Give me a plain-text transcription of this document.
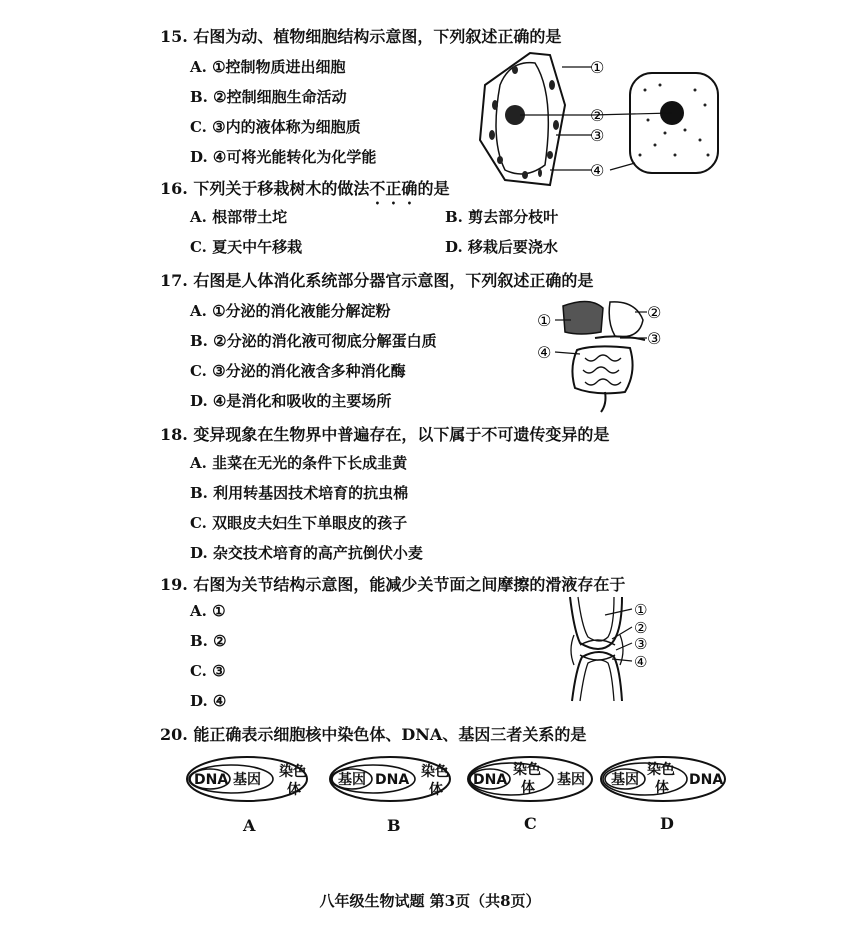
15. 右图为动、植物细胞结构示意图，下列叙述正确的是
A. ①控制物质进出细胞
B. ②控制细胞生命活动
C. ③内的液体称为细胞质
D. ④可将光能转化为化学能
①
②
③
④
16. 下列关于移栽树木的做法不正确的是
A. 根部带土坨	B. 剪去部分枝叶
C. 夏天中午移栽	D. 移栽后要浇水
17. 右图是人体消化系统部分器官示意图，下列叙述正确的是
A. ①分泌的消化液能分解淀粉
B. ②分泌的消化液可彻底分解蛋白质
C. ③分泌的消化液含多种消化酶
D. ④是消化和吸收的主要场所
①	②
③
④
18. 变异现象在生物界中普遍存在，以下属于不可遗传变异的是
A. 韭菜在无光的条件下长成韭黄
B. 利用转基因技术培育的抗虫棉
C. 双眼皮夫妇生下单眼皮的孩子
D. 杂交技术培育的高产抗倒伏小麦
19. 右图为关节结构示意图，能减少关节面之间摩擦的滑液存在于
A. ①
B. ②
C. ③
D. ④
①
②
③
④
20. 能正确表示细胞核中染色体、DNA、基因三者关系的是
DNA 基因 染色
体
基因 DNA 染色
体
DNA
染色
体 基因 基因
染色
体 DNA
A	B	C	D
八年级生物试题 第3页（共8页）
